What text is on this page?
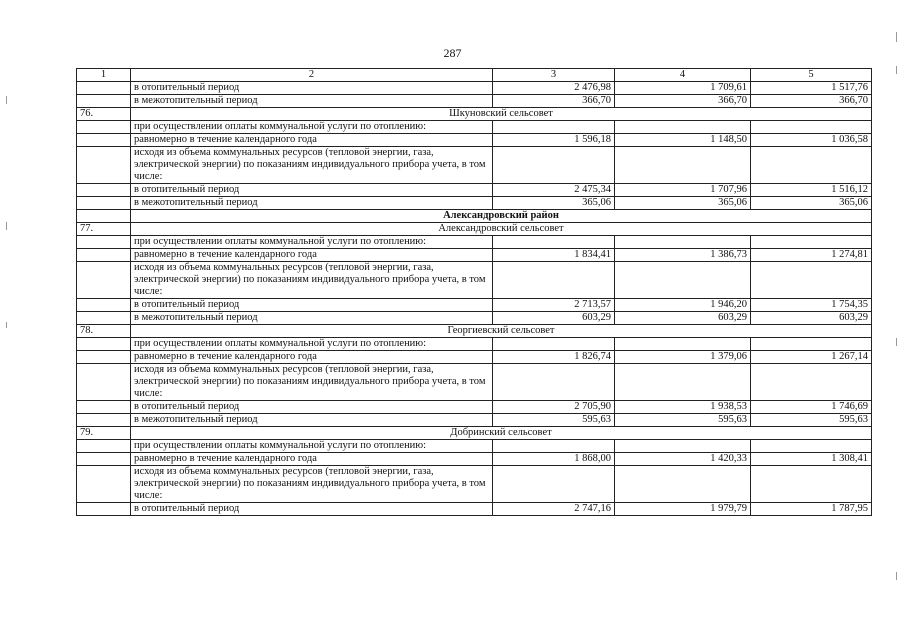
287
1	2	3	4	5
	в отопительный период	2 476,98	1 709,61	1 517,76
	в межотопительный период	366,70	366,70	366,70
76.	Шкуновский сельсовет			
	при осуществлении оплаты коммунальной услуги по отоплению:			
	равномерно в течение календарного года	1 596,18	1 148,50	1 036,58
	исходя из объема коммунальных ресурсов (тепловой энергии, газа, электрической энергии) по показаниям индивидуального прибора учета, в том числе:			
	в отопительный период	2 475,34	1 707,96	1 516,12
	в межотопительный период	365,06	365,06	365,06
	Александровский район			
77.	Александровский сельсовет			
	при осуществлении оплаты коммунальной услуги по отоплению:			
	равномерно в течение календарного года	1 834,41	1 386,73	1 274,81
	исходя из объема коммунальных ресурсов (тепловой энергии, газа, электрической энергии) по показаниям индивидуального прибора учета, в том числе:			
	в отопительный период	2 713,57	1 946,20	1 754,35
	в межотопительный период	603,29	603,29	603,29
78.	Георгиевский сельсовет			
	при осуществлении оплаты коммунальной услуги по отоплению:			
	равномерно в течение календарного года	1 826,74	1 379,06	1 267,14
	исходя из объема коммунальных ресурсов (тепловой энергии, газа, электрической энергии) по показаниям индивидуального прибора учета, в том числе:			
	в отопительный период	2 705,90	1 938,53	1 746,69
	в межотопительный период	595,63	595,63	595,63
79.	Добринский сельсовет			
	при осуществлении оплаты коммунальной услуги по отоплению:			
	равномерно в течение календарного года	1 868,00	1 420,33	1 308,41
	исходя из объема коммунальных ресурсов (тепловой энергии, газа, электрической энергии) по показаниям индивидуального прибора учета, в том числе:			
	в отопительный период	2 747,16	1 979,79	1 787,95
